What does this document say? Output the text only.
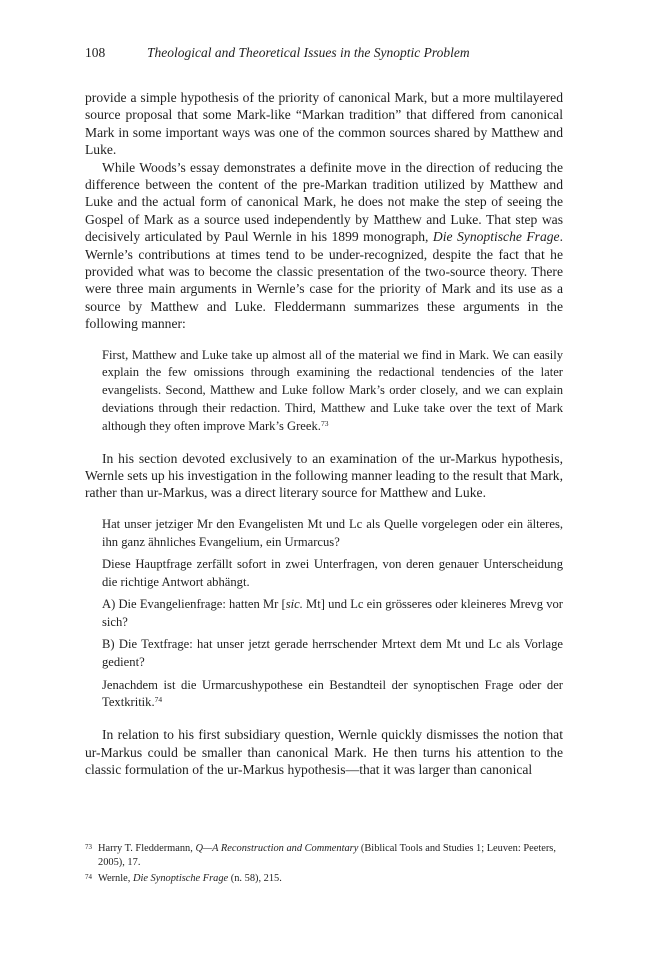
108	Theological and Theoretical Issues in the Synoptic Problem

provide a simple hypothesis of the priority of canonical Mark, but a more multilayered source proposal that some Mark-like “Markan tradition” that differed from canonical Mark in some important ways was one of the common sources shared by Matthew and Luke.

While Woods’s essay demonstrates a definite move in the direction of reducing the difference between the content of the pre-Markan tradition utilized by Matthew and Luke and the actual form of canonical Mark, he does not make the step of seeing the Gospel of Mark as a source used independently by Matthew and Luke. That step was decisively articulated by Paul Wernle in his 1899 monograph, Die Synoptische Frage. Wernle’s contributions at times tend to be under-recognized, despite the fact that he provided what was to become the classic presentation of the two-source theory. There were three main arguments in Wernle’s case for the priority of Mark and its use as a source by Matthew and Luke. Fleddermann summarizes these arguments in the following manner:

First, Matthew and Luke take up almost all of the material we find in Mark. We can easily explain the few omissions through examining the redactional tendencies of the later evangelists. Second, Matthew and Luke follow Mark’s order closely, and we can explain deviations through their redaction. Third, Matthew and Luke take over the text of Mark although they often improve Mark’s Greek.$^{73}$

In his section devoted exclusively to an examination of the ur-Markus hypothesis, Wernle sets up his investigation in the following manner leading to the result that Mark, rather than ur-Markus, was a direct literary source for Matthew and Luke.

Hat unser jetziger Mr den Evangelisten Mt und Lc als Quelle vorgelegen oder ein älteres, ihn ganz ähnliches Evangelium, ein Urmarcus?

Diese Hauptfrage zerfällt sofort in zwei Unterfragen, von deren genauer Unterscheidung die richtige Antwort abhängt.

A) Die Evangelienfrage: hatten Mr [sic. Mt] und Lc ein grösseres oder kleineres Mrevg vor sich?

B) Die Textfrage: hat unser jetzt gerade herrschender Mrtext dem Mt und Lc als Vorlage gedient?

Jenachdem ist die Urmarcushypothese ein Bestandteil der synoptischen Frage oder der Textkritik.$^{74}$

In relation to his first subsidiary question, Wernle quickly dismisses the notion that ur-Markus could be smaller than canonical Mark. He then turns his attention to the classic formulation of the ur-Markus hypothesis—that it was larger than canonical

73 Harry T. Fleddermann, Q—A Reconstruction and Commentary (Biblical Tools and Studies 1; Leuven: Peeters, 2005), 17.
74 Wernle, Die Synoptische Frage (n. 58), 215.
